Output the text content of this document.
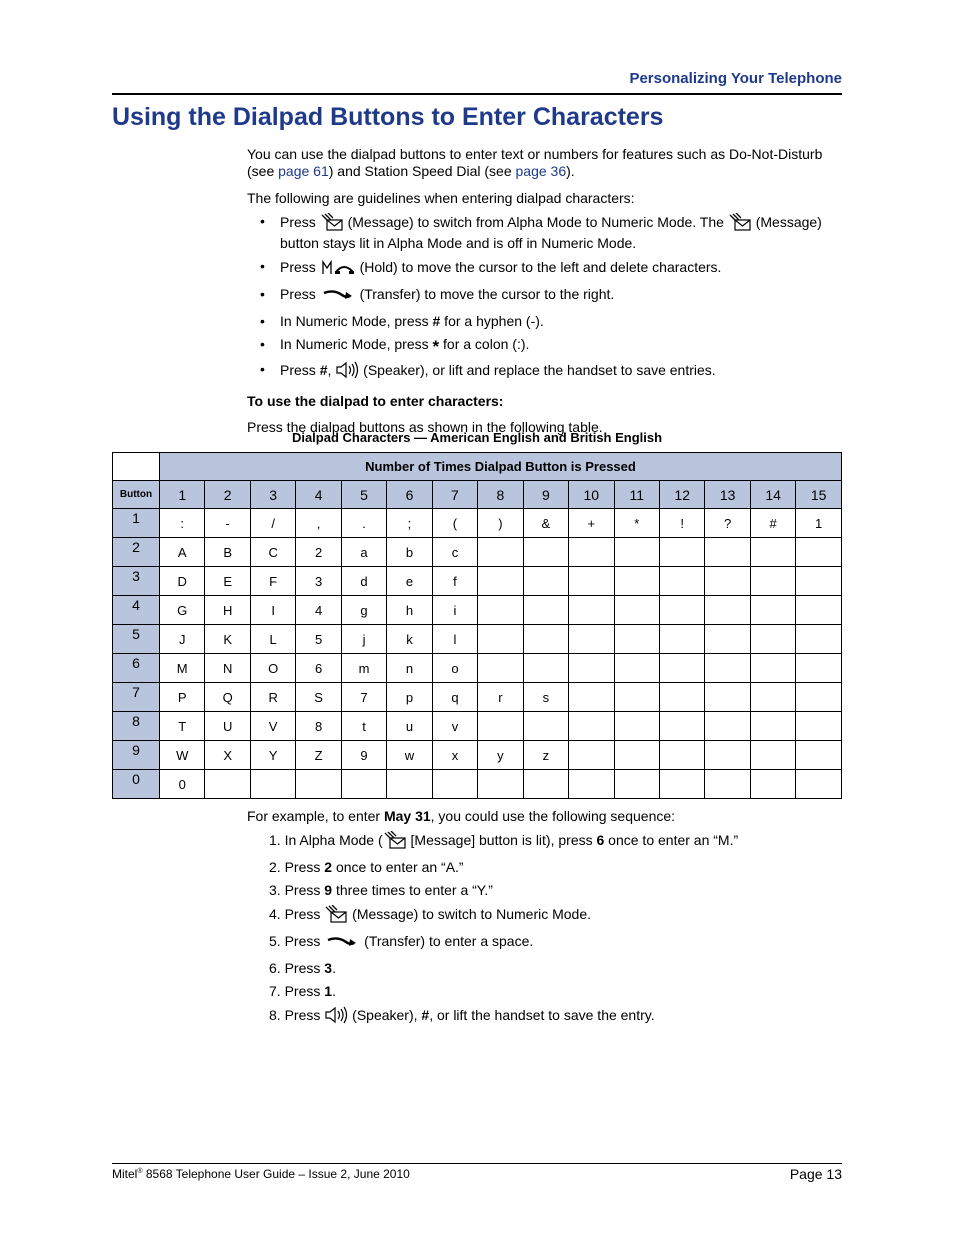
Personalizing Your Telephone
Using the Dialpad Buttons to Enter Characters

You can use the dialpad buttons to enter text or numbers for features such as Do-Not-Disturb (see page 61) and Station Speed Dial (see page 36).

The following are guidelines when entering dialpad characters:

• Press  (Message) to switch from Alpha Mode to Numeric Mode. The  (Message) button stays lit in Alpha Mode and is off in Numeric Mode.
• Press	(Hold) to move the cursor to the left and delete characters.
• Press	(Transfer) to move the cursor to the right.
• In Numeric Mode, press # for a hyphen (-).
• In Numeric Mode, press * for a colon (:).
• Press #,  (Speaker), or lift and replace the handset to save entries.

To use the dialpad to enter characters:

Press the dialpad buttons as shown in the following table.

Dialpad Characters — American English and British English
	Number of Times Dialpad Button is Pressed														
Button	1	2	3	4	5	6	7	8	9	10	11	12	13	14	15
1	:	-	/	,	.	;	(	)	&	+	*	!	?	#	1
2	A	B	C	2	a	b	c								
3	D	E	F	3	d	e	f								
4	G	H	I	4	g	h	i								
5	J	K	L	5	j	k	l								
6	M	N	O	6	m	n	o								
7	P	Q	R	S	7	p	q	r	s						
8	T	U	V	8	t	u	v								
9	W	X	Y	Z	9	w	x	y	z						
0	0														

For example, to enter May 31, you could use the following sequence:

1. In Alpha Mode ( [Message] button is lit), press 6 once to enter an “M.”
2. Press 2 once to enter an “A.”
3. Press 9 three times to enter a “Y.”
4. Press  (Message) to switch to Numeric Mode.
5. Press	(Transfer) to enter a space.
6. Press 3.
7. Press 1.
8. Press  (Speaker), #, or lift the handset to save the entry.
Mitel® 8568 Telephone User Guide – Issue 2, June 2010	Page 13
